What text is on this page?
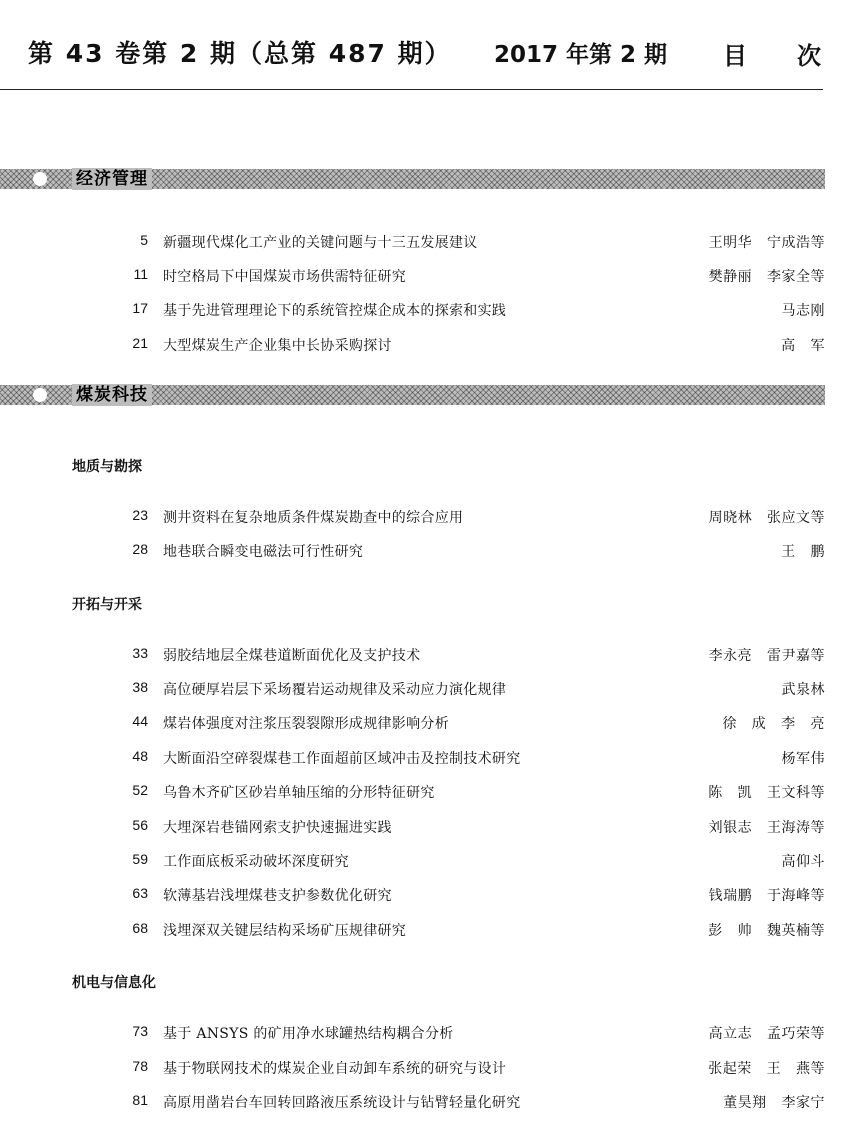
第 43 卷第 2 期（总第 487 期） 2017 年第 2 期 目 次
经济管理
5 新疆现代煤化工产业的关键问题与十三五发展建议	王明华   宁成浩等
11 时空格局下中国煤炭市场供需特征研究	樊静丽   李家全等
17 基于先进管理理论下的系统管控煤企成本的探索和实践	马志刚
21 大型煤炭生产企业集中长协采购探讨	高   军
煤炭科技
地质与勘探
23 测井资料在复杂地质条件煤炭勘查中的综合应用	周晓林   张应文等
28 地巷联合瞬变电磁法可行性研究	王   鹏
开拓与开采
33 弱胶结地层全煤巷道断面优化及支护技术	李永亮   雷尹嘉等
38 高位硬厚岩层下采场覆岩运动规律及采动应力演化规律	武泉林
44 煤岩体强度对注浆压裂裂隙形成规律影响分析	徐   成   李   亮
48 大断面沿空碎裂煤巷工作面超前区域冲击及控制技术研究	杨军伟
52 乌鲁木齐矿区砂岩单轴压缩的分形特征研究	陈   凯   王文科等
56 大埋深岩巷锚网索支护快速掘进实践	刘银志   王海涛等
59 工作面底板采动破坏深度研究	高仰斗
63 软薄基岩浅埋煤巷支护参数优化研究	钱瑞鹏   于海峰等
68 浅埋深双关键层结构采场矿压规律研究	彭   帅   魏英楠等
机电与信息化
73 基于 ANSYS 的矿用净水球罐热结构耦合分析	高立志   孟巧荣等
78 基于物联网技术的煤炭企业自动卸车系统的研究与设计	张起荣   王   燕等
81 高原用凿岩台车回转回路液压系统设计与钻臂轻量化研究	董昊翔   李家宁
